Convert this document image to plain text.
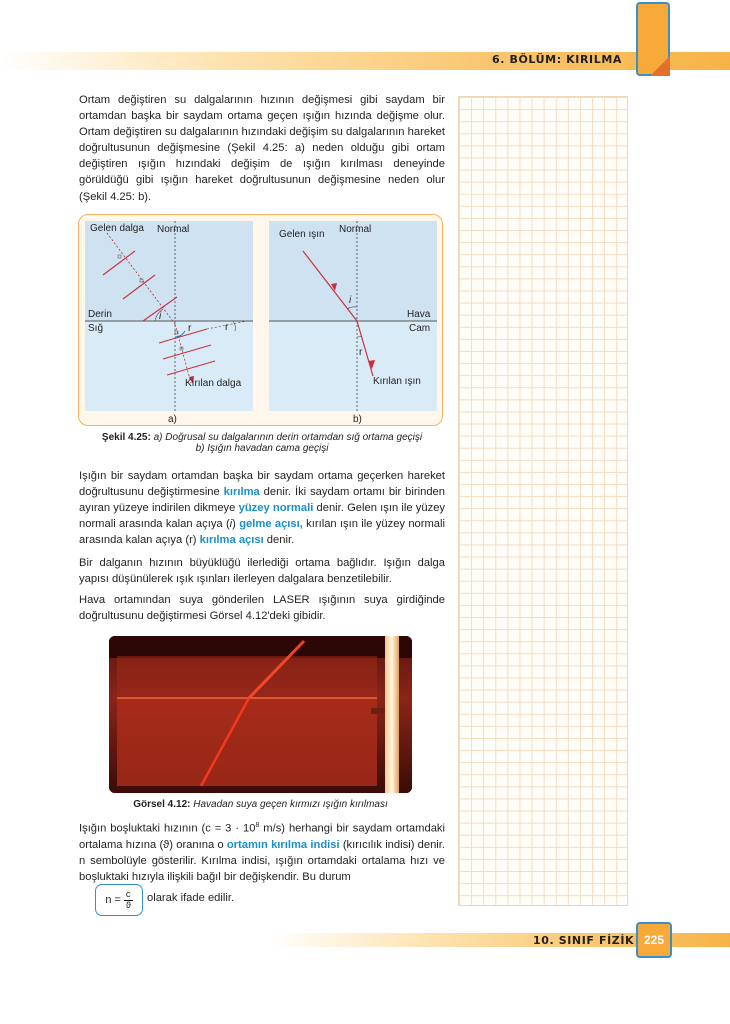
6. BÖLÜM: KIRILMA
Ortam değiştiren su dalgalarının hızının değişmesi gibi saydam bir ortamdan başka bir saydam ortama geçen ışığın hızında değişme olur. Ortam değiştiren su dalgalarının hızındaki değişim su dalgalarının hareket doğrultusunun değişmesine (Şekil 4.25: a) neden olduğu gibi ortam değiştiren ışığın hızındaki değişim de ışığın kırılması deneyinde görüldüğü gibi ışığın hareket doğrultusunun değişmesine neden olur (Şekil 4.25: b).
Gelen dalga Normal
Derin
Sığ
i
r	r
Kırılan dalga
a)
Gelen ışın Normal
Hava
Cam
i
r
Kırılan ışın
b)
Şekil 4.25: a) Doğrusal su dalgalarının derin ortamdan sığ ortama geçişi
b) Işığın havadan cama geçişi
Işığın bir saydam ortamdan başka bir saydam ortama geçerken hareket doğrultusunu değiştirmesine kırılma denir. İki saydam ortamı bir birinden ayıran yüzeye indirilen dikmeye yüzey normali denir. Gelen ışın ile yüzey normali arasında kalan açıya (i) gelme açısı, kırılan ışın ile yüzey normali arasında kalan açıya (r) kırılma açısı denir.
Bir dalganın hızının büyüklüğü ilerlediği ortama bağlıdır. Işığın dalga yapısı düşünülerek ışık ışınları ilerleyen dalgalara benzetilebilir.
Hava ortamından suya gönderilen LASER ışığının suya girdiğinde doğrultusunu değiştirmesi Görsel 4.12'deki gibidir.
Görsel 4.12: Havadan suya geçen kırmızı ışığın kırılması
Işığın boşluktaki hızının ($c = 3 \cdot 10^8$ m/s) herhangi bir saydam ortamdaki ortalama hızına (ϑ) oranına o ortamın kırılma indisi (kırıcılık indisi) denir. n sembolüyle gösterilir. Kırılma indisi, ışığın ortamdaki ortalama hızı ve boşluktaki hızıyla ilişkili bağıl bir değişkendir. Bu durum
$n = \frac{c}{ϑ}$ olarak ifade edilir.
10. SINIF FİZİK 225
